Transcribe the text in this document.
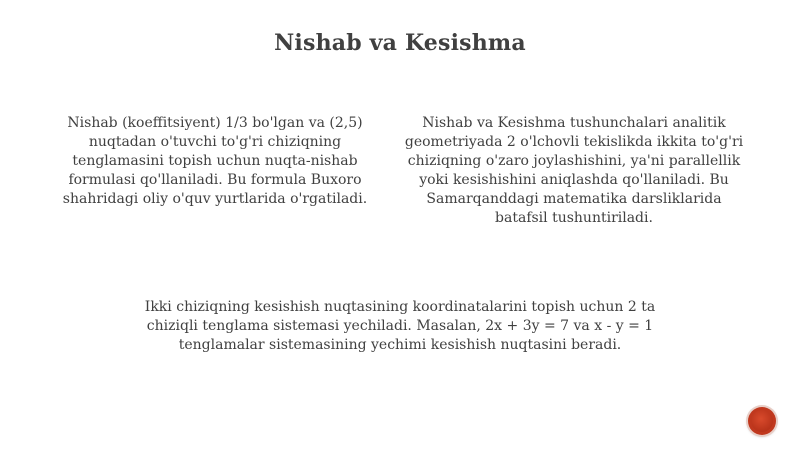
Nishab va Kesishma

Nishab (koeffitsiyent) 1/3 bo'lgan va (2,5) nuqtadan o'tuvchi to'g'ri chiziqning tenglamasini topish uchun nuqta-nishab formulasi qo'llaniladi. Bu formula Buxoro shahridagi oliy o'quv yurtlarida o'rgatiladi.

Nishab va Kesishma tushunchalari analitik geometriyada 2 o'lchovli tekislikda ikkita to'g'ri chiziqning o'zaro joylashishini, ya'ni parallellik yoki kesishishini aniqlashda qo'llaniladi. Bu Samarqanddagi matematika darsliklarida batafsil tushuntiriladi.

Ikki chiziqning kesishish nuqtasining koordinatalarini topish uchun 2 ta chiziqli tenglama sistemasi yechiladi. Masalan, 2x + 3y = 7 va x - y = 1 tenglamalar sistemasining yechimi kesishish nuqtasini beradi.
